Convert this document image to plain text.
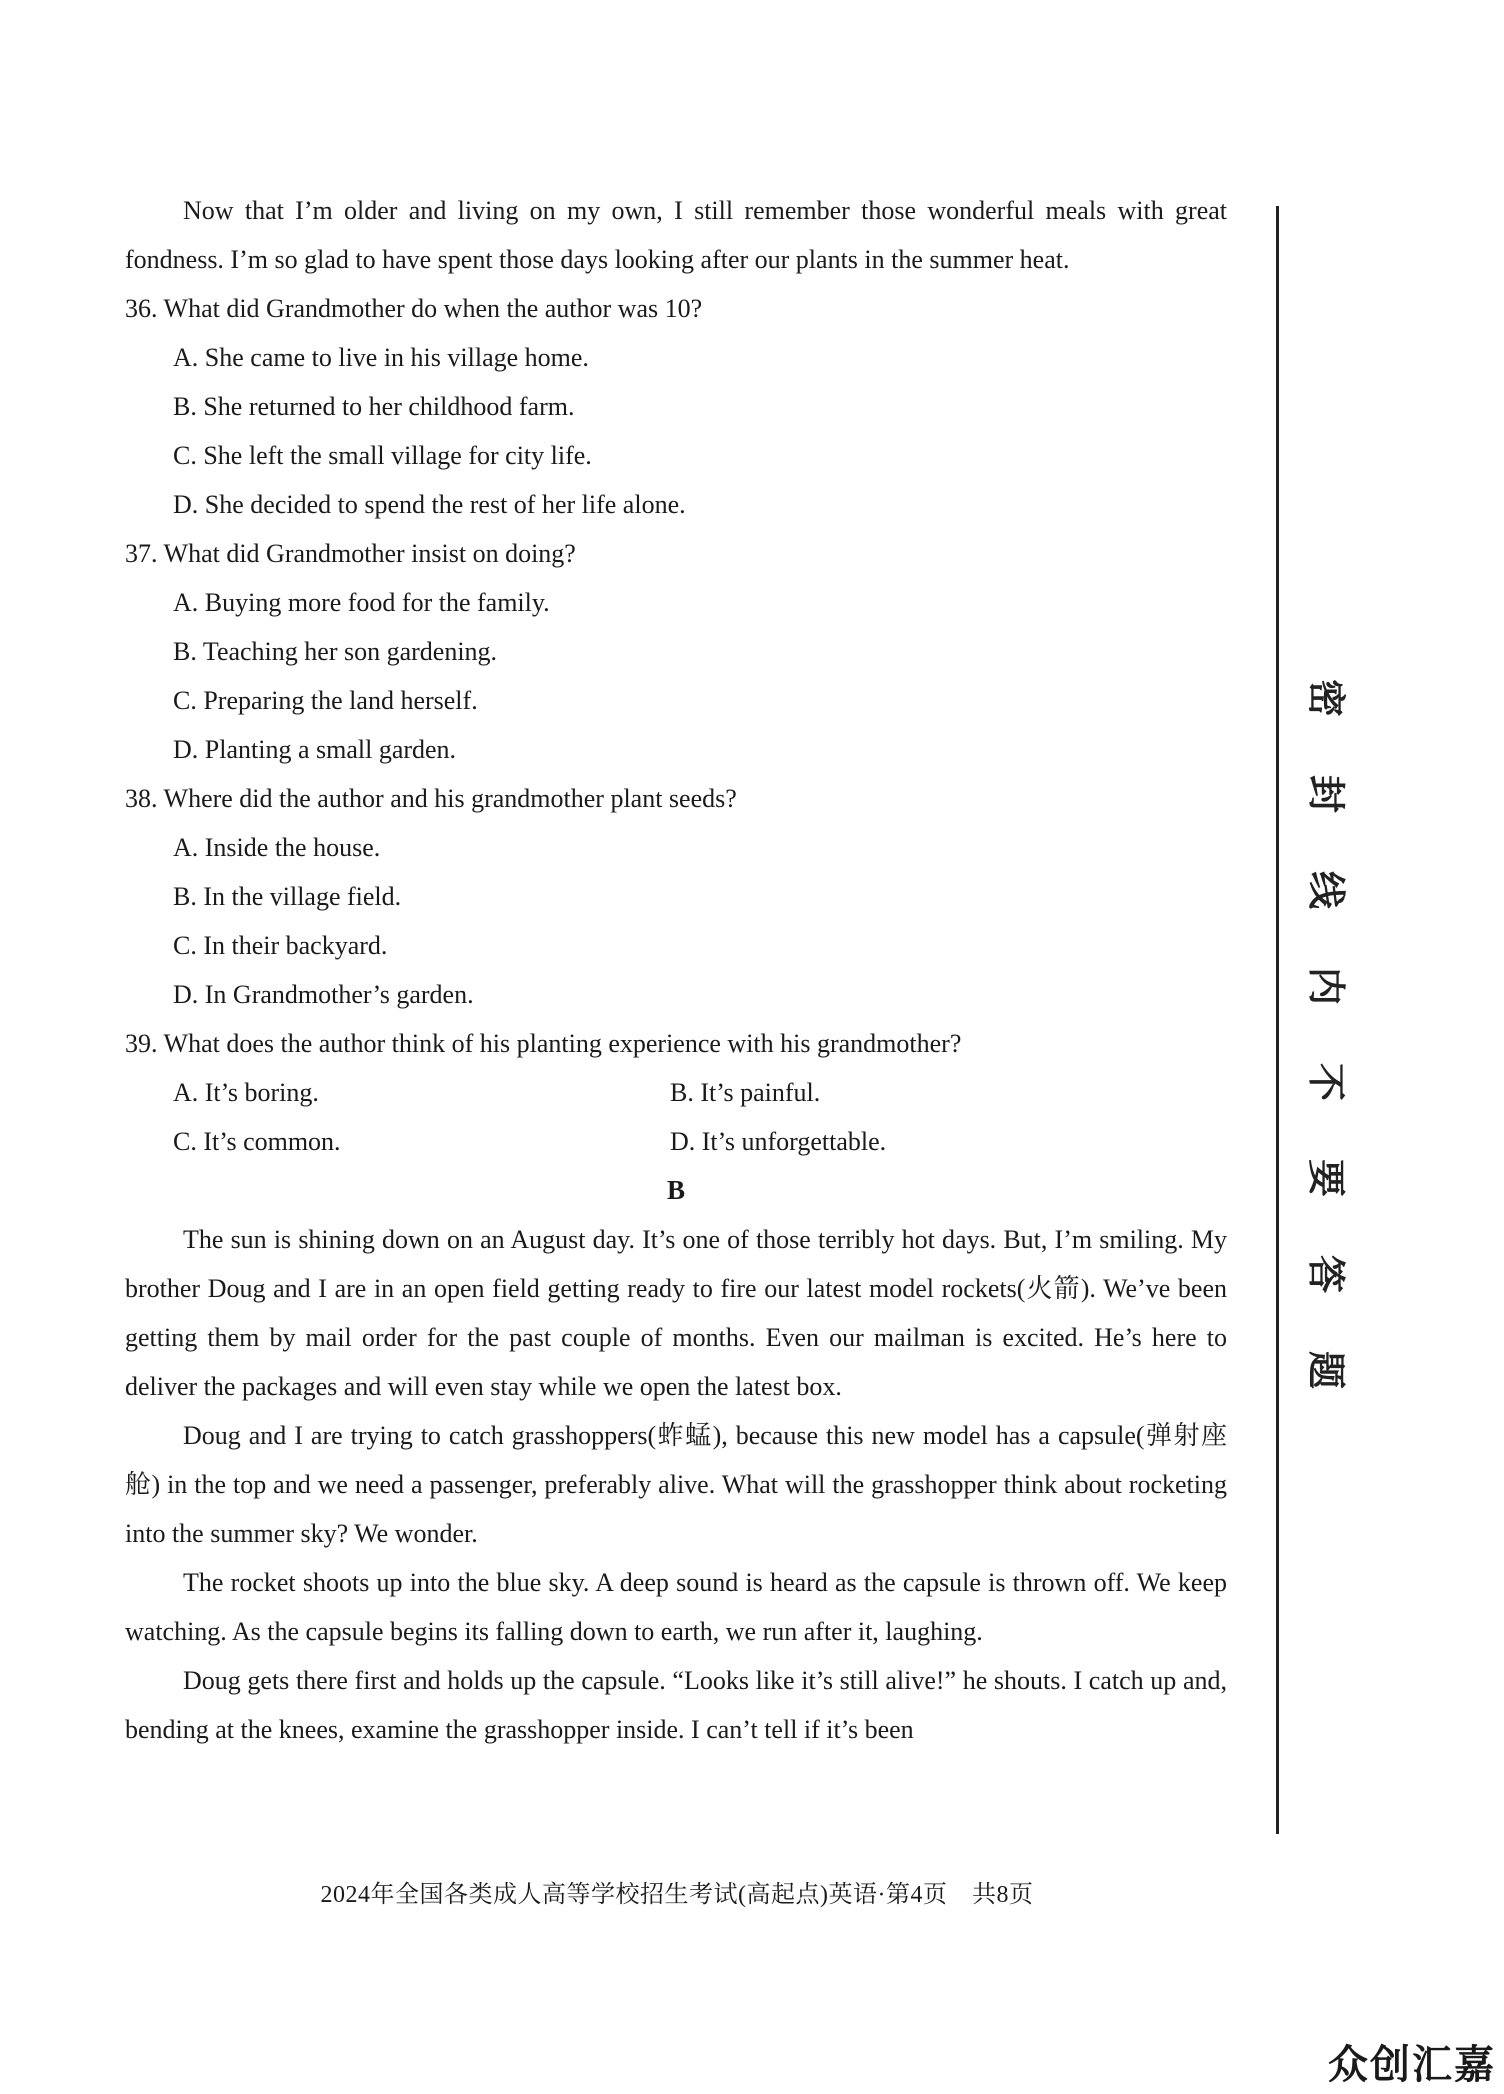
Now that I’m older and living on my own, I still remember those wonderful meals with great fondness. I’m so glad to have spent those days looking after our plants in the summer heat.

36. What did Grandmother do when the author was 10?

A. She came to live in his village home.

B. She returned to her childhood farm.

C. She left the small village for city life.

D. She decided to spend the rest of her life alone.

37. What did Grandmother insist on doing?

A. Buying more food for the family.

B. Teaching her son gardening.

C. Preparing the land herself.

D. Planting a small garden.

38. Where did the author and his grandmother plant seeds?

A. Inside the house.

B. In the village field.

C. In their backyard.

D. In Grandmother’s garden.

39. What does the author think of his planting experience with his grandmother?

A. It’s boring.	B. It’s painful.
C. It’s common.	D. It’s unforgettable.

B

The sun is shining down on an August day. It’s one of those terribly hot days. But, I’m smiling. My brother Doug and I are in an open field getting ready to fire our latest model rockets(火箭). We’ve been getting them by mail order for the past couple of months. Even our mailman is excited. He’s here to deliver the packages and will even stay while we open the latest box.

Doug and I are trying to catch grasshoppers(蚱蜢), because this new model has a capsule(弹射座舱) in the top and we need a passenger, preferably alive. What will the grasshopper think about rocketing into the summer sky? We wonder.

The rocket shoots up into the blue sky. A deep sound is heard as the capsule is thrown off. We keep watching. As the capsule begins its falling down to earth, we run after it, laughing.

Doug gets there first and holds up the capsule. “Looks like it’s still alive!” he shouts. I catch up and, bending at the knees, examine the grasshopper inside. I can’t tell if it’s been

2024年全国各类成人高等学校招生考试(高起点)英语·第4页　共8页
密
封
线
内
不
要
答
题
众创汇嘉
